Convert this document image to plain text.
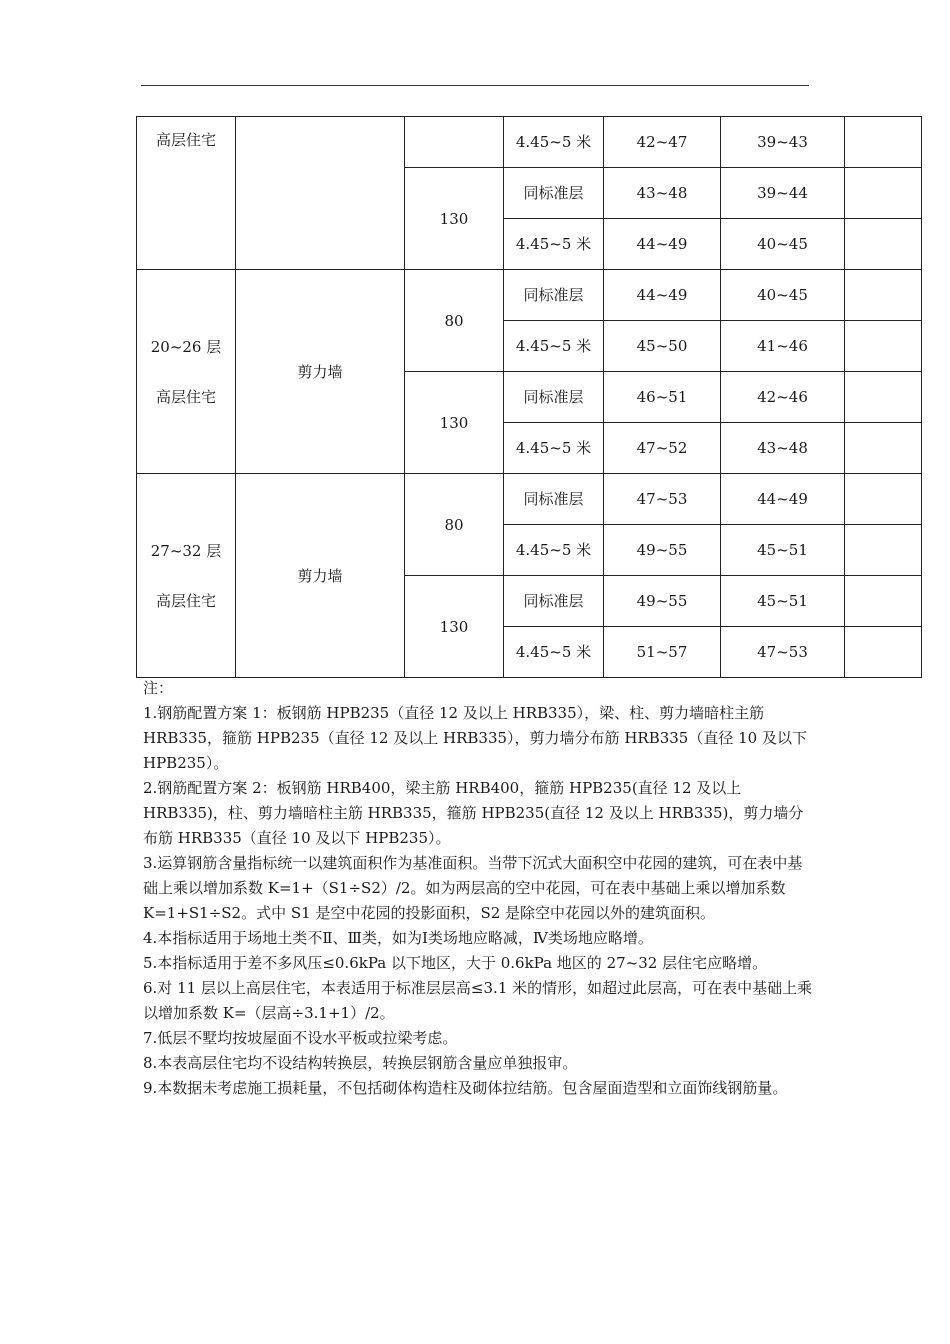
高层住宅			4.45~5 米	42~47	39~43	
		130	同标准层	43~48	39~44	
			4.45~5 米	44~49	40~45	

20~26 层
高层住宅	剪力墙	80	同标准层	44~49	40~45	
			4.45~5 米	45~50	41~46	
		130	同标准层	46~51	42~46	
			4.45~5 米	47~52	43~48	

27~32 层
高层住宅	剪力墙	80	同标准层	47~53	44~49	
			4.45~5 米	49~55	45~51	
		130	同标准层	49~55	45~51	
			4.45~5 米	51~57	47~53	

注：

1.钢筋配置方案 1：板钢筋 HPB235（直径 12 及以上 HRB335），梁、柱、剪力墙暗柱主筋 HRB335，箍筋 HPB235（直径 12 及以上 HRB335），剪力墙分布筋 HRB335（直径 10 及以下 HPB235）。

2.钢筋配置方案 2：板钢筋 HRB400，梁主筋 HRB400，箍筋 HPB235(直径 12 及以上 HRB335)，柱、剪力墙暗柱主筋 HRB335，箍筋 HPB235(直径 12 及以上 HRB335)，剪力墙分布筋 HRB335（直径 10 及以下 HPB235）。

3.运算钢筋含量指标统一以建筑面积作为基准面积。当带下沉式大面积空中花园的建筑，可在表中基础上乘以增加系数 K=1+（S1÷S2）/2。如为两层高的空中花园，可在表中基础上乘以增加系数 K=1+S1÷S2。式中 S1 是空中花园的投影面积，S2 是除空中花园以外的建筑面积。

4.本指标适用于场地土类不Ⅱ、Ⅲ类，如为Ⅰ类场地应略减，Ⅳ类场地应略增。

5.本指标适用于差不多风压≤0.6kPa 以下地区，大于 0.6kPa 地区的 27~32 层住宅应略增。

6.对 11 层以上高层住宅，本表适用于标准层层高≤3.1 米的情形，如超过此层高，可在表中基础上乘以增加系数 K=（层高÷3.1+1）/2。

7.低层不墅均按坡屋面不设水平板或拉梁考虑。

8.本表高层住宅均不设结构转换层，转换层钢筋含量应单独报审。

9.本数据未考虑施工损耗量，不包括砌体构造柱及砌体拉结筋。包含屋面造型和立面饰线钢筋量。
